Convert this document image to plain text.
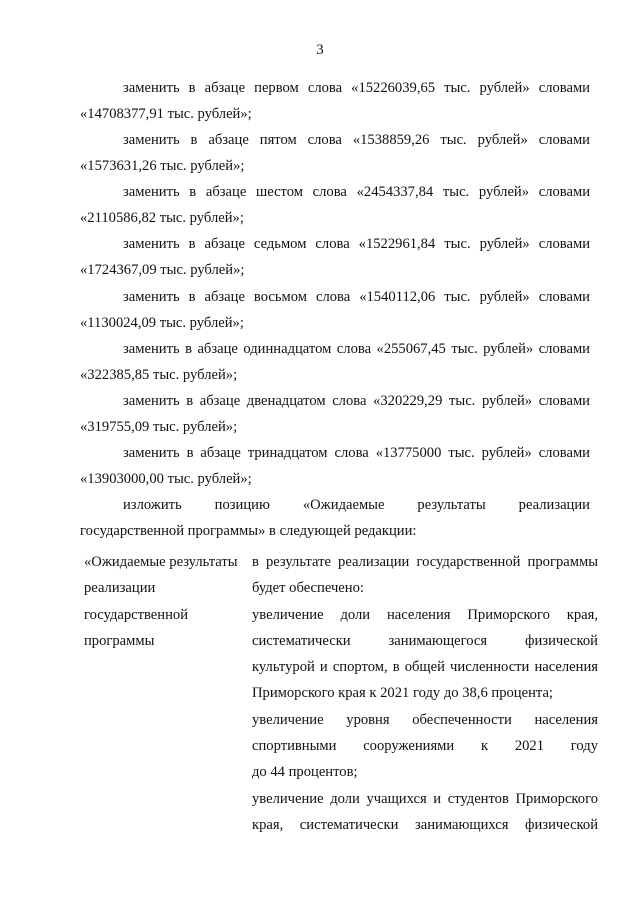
3
заменить в абзаце первом слова «15226039,65 тыс. рублей» словами
«14708377,91 тыс. рублей»;
заменить в абзаце пятом слова «1538859,26 тыс. рублей» словами
«1573631,26 тыс. рублей»;
заменить в абзаце шестом слова «2454337,84 тыс. рублей» словами
«2110586,82 тыс. рублей»;
заменить в абзаце седьмом слова «1522961,84 тыс. рублей» словами
«1724367,09 тыс. рублей»;
заменить в абзаце восьмом слова «1540112,06 тыс. рублей» словами
«1130024,09 тыс. рублей»;
заменить в абзаце одиннадцатом слова «255067,45 тыс. рублей» словами
«322385,85 тыс. рублей»;
заменить в абзаце двенадцатом слова «320229,29 тыс. рублей» словами
«319755,09 тыс. рублей»;
заменить в абзаце тринадцатом слова «13775000 тыс. рублей» словами
«13903000,00 тыс. рублей»;
изложить позицию «Ожидаемые результаты реализации
государственной программы» в следующей редакции:
«Ожидаемые результаты
реализации
государственной
программы
в результате реализации государственной программы
будет обеспечено:
увеличение доли населения Приморского края,
систематически занимающегося физической
культурой и спортом, в общей численности населения
Приморского края к 2021 году до 38,6 процента;
увеличение уровня обеспеченности населения
спортивными сооружениями к 2021 году
до 44 процентов;
увеличение доли учащихся и студентов Приморского
края, систематически занимающихся физической
